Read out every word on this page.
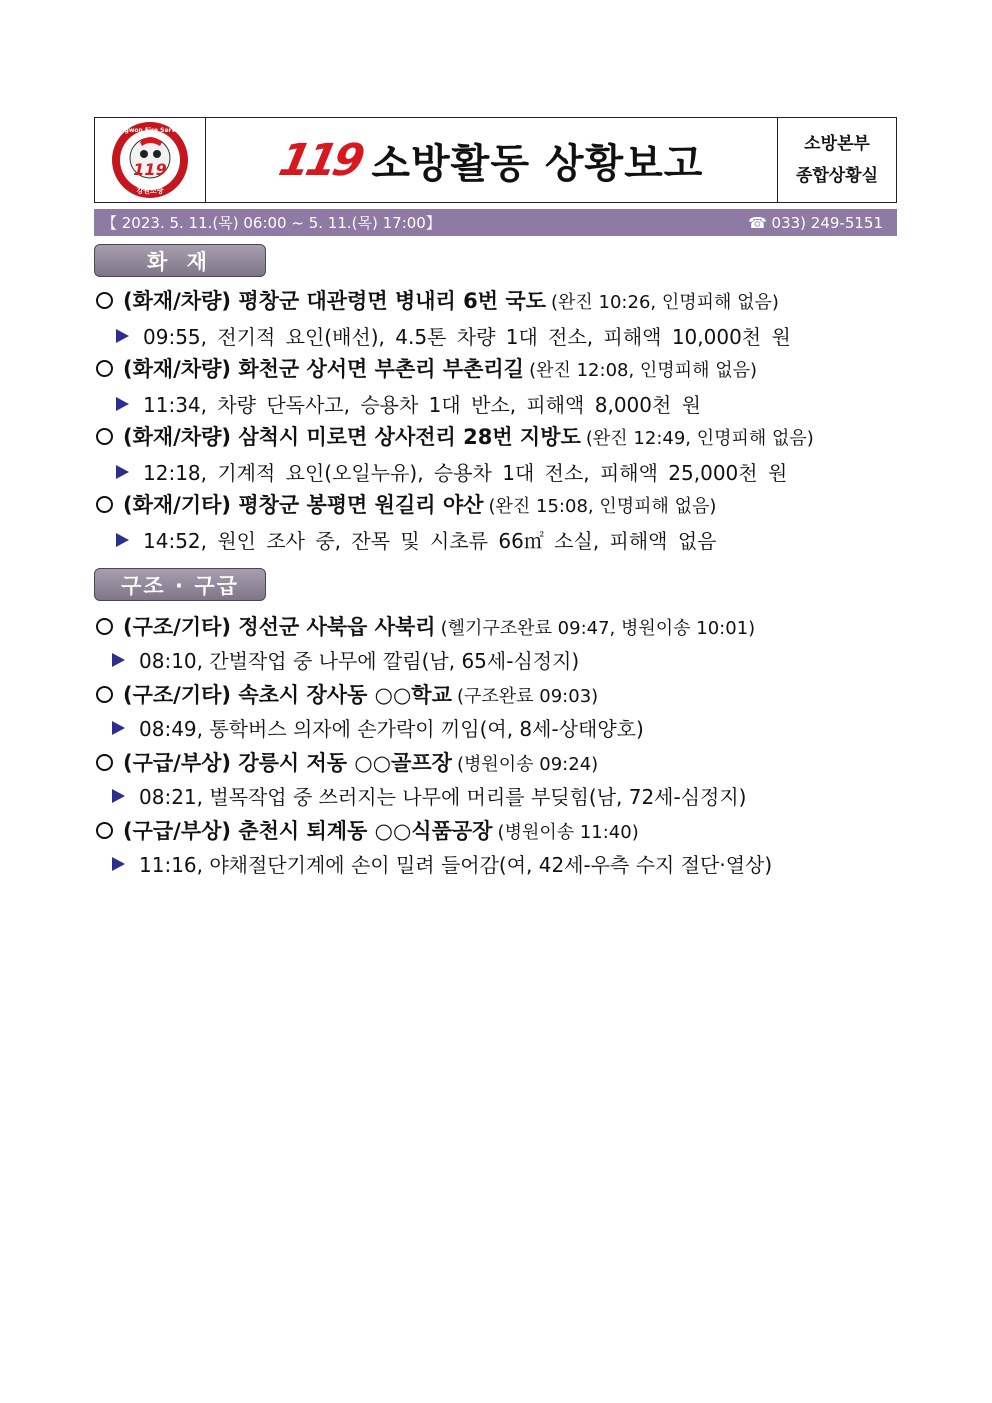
119
강원소방
Gangwon Fire Services
119 소방활동 상황보고	소방본부
종합상황실
【 2023. 5. 11.(목) 06:00 ~ 5. 11.(목) 17:00】	☎ 033) 249-5151
화 재
(화재/차량) 평창군 대관령면 병내리 6번 국도 (완진 10:26, 인명피해 없음)
09:55, 전기적 요인(배선), 4.5톤 차량 1대 전소, 피해액 10,000천 원
(화재/차량) 화천군 상서면 부촌리 부촌리길 (완진 12:08, 인명피해 없음)
11:34, 차량 단독사고, 승용차 1대 반소, 피해액 8,000천 원
(화재/차량) 삼척시 미로면 상사전리 28번 지방도 (완진 12:49, 인명피해 없음)
12:18, 기계적 요인(오일누유), 승용차 1대 전소, 피해액 25,000천 원
(화재/기타) 평창군 봉평면 원길리 야산 (완진 15:08, 인명피해 없음)
14:52, 원인 조사 중, 잔목 및 시초류 66㎡ 소실, 피해액 없음
구조 · 구급
(구조/기타) 정선군 사북읍 사북리 (헬기구조완료 09:47, 병원이송 10:01)
08:10, 간벌작업 중 나무에 깔림(남, 65세-심정지)
(구조/기타) 속초시 장사동 ○○학교 (구조완료 09:03)
08:49, 통학버스 의자에 손가락이 끼임(여, 8세-상태양호)
(구급/부상) 강릉시 저동 ○○골프장 (병원이송 09:24)
08:21, 벌목작업 중 쓰러지는 나무에 머리를 부딪힘(남, 72세-심정지)
(구급/부상) 춘천시 퇴계동 ○○식품공장 (병원이송 11:40)
11:16, 야채절단기계에 손이 밀려 들어감(여, 42세-우측 수지 절단·열상)
